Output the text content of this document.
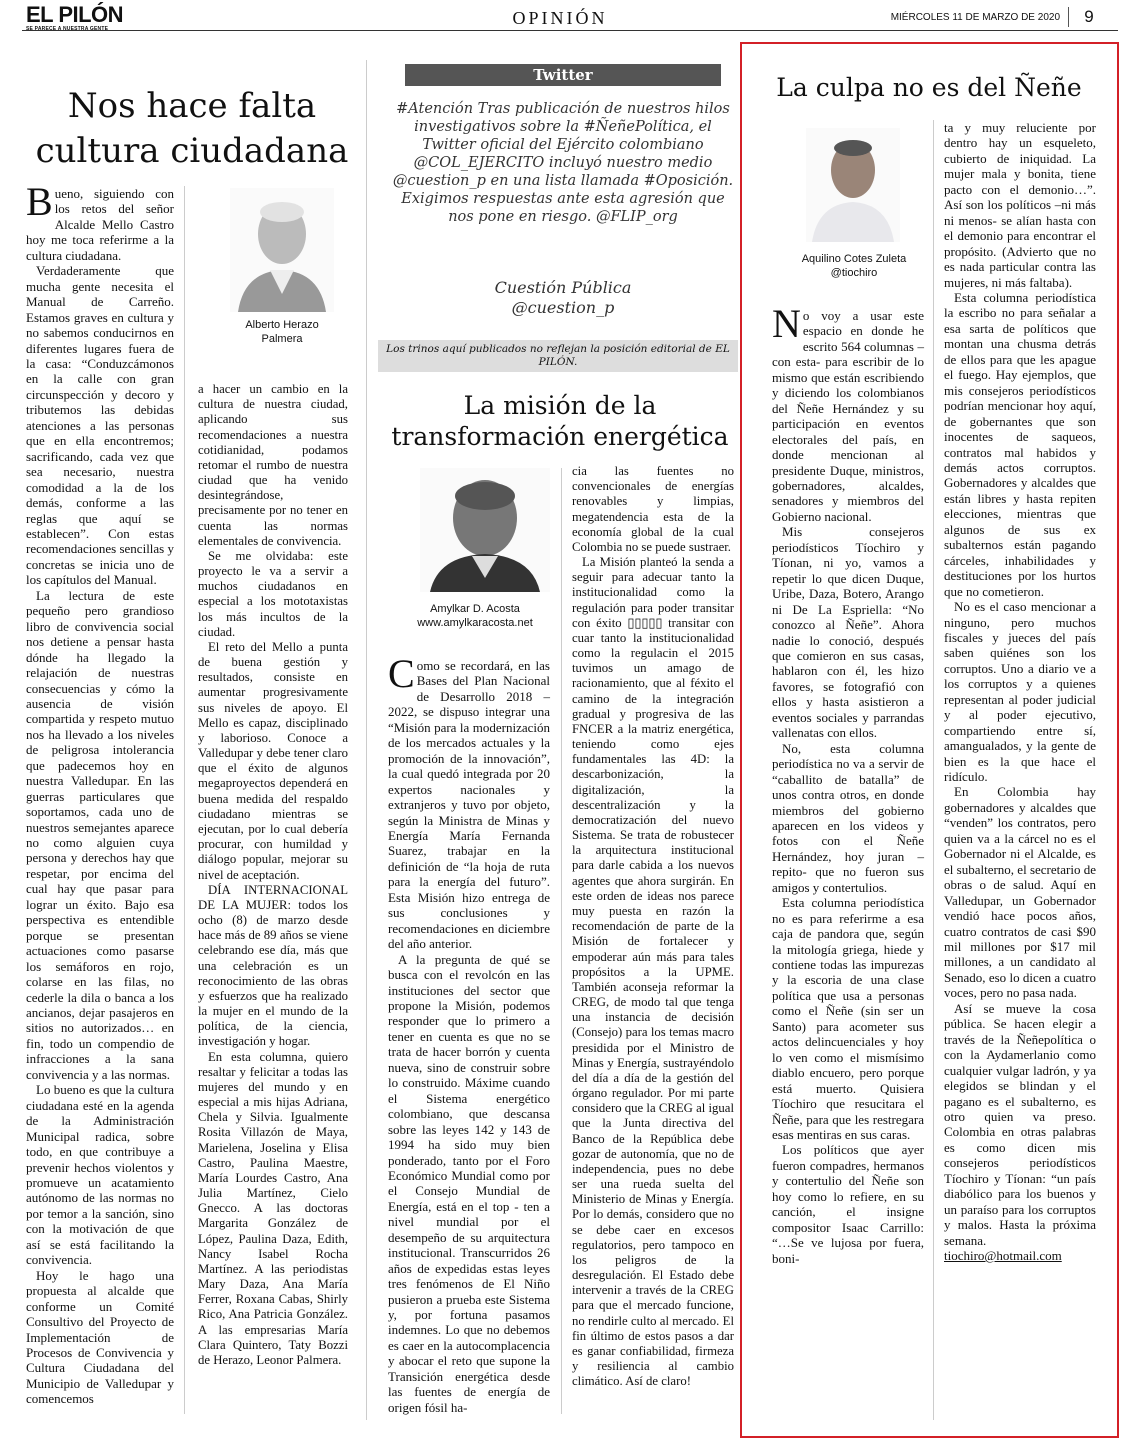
EL PILÓN
SE PARECE A NUESTRA GENTE
OPINIÓN	MIÉRCOLES 11 DE MARZO DE 2020	9
Nos hace falta cultura ciudadana
Alberto Herazo Palmera

Bueno, siguiendo con los retos del señor Alcalde Mello Castro hoy me toca referirme a la cultura ciudadana.

Verdaderamente que mucha gente necesita el Manual de Carreño. Estamos graves en cultura y no sabemos conducirnos en diferentes lugares fuera de la casa: “Conduzcámonos en la calle con gran circunspección y decoro y tributemos las debidas atenciones a las personas que en ella encontremos; sacrificando, cada vez que sea necesario, nuestra comodidad a la de los demás, conforme a las reglas que aquí se establecen”. Con estas recomendaciones sencillas y concretas se inicia uno de los capítulos del Manual.

La lectura de este pequeño pero grandioso libro de convivencia social nos detiene a pensar hasta dónde ha llegado la relajación de nuestras consecuencias y cómo la ausencia de visión compartida y respeto mutuo nos ha llevado a los niveles de peligrosa intolerancia que padecemos hoy en nuestra Valledupar. En las guerras particulares que soportamos, cada uno de nuestros semejantes aparece no como alguien cuya persona y derechos hay que respetar, por encima del cual hay que pasar para lograr un éxito. Bajo esa perspectiva es entendible porque se presentan actuaciones como pasarse los semáforos en rojo, colarse en las filas, no cederle la dila o banca a los ancianos, dejar pasajeros en sitios no autorizados… en fin, todo un compendio de infracciones a la sana convivencia y a las normas.

Lo bueno es que la cultura ciudadana esté en la agenda de la Administración Municipal radica, sobre todo, en que contribuye a prevenir hechos violentos y promueve un acatamiento autónomo de las normas no por temor a la sanción, sino con la motivación de que así se está facilitando la convivencia.

Hoy le hago una propuesta al alcalde que conforme un Comité Consultivo del Proyecto de Implementación de Procesos de Convivencia y Cultura Ciudadana del Municipio de Valledupar y comencemos

a hacer un cambio en la cultura de nuestra ciudad, aplicando sus recomendaciones a nuestra cotidianidad, podamos retomar el rumbo de nuestra ciudad que ha venido desintegrándose, precisamente por no tener en cuenta las normas elementales de convivencia.

Se me olvidaba: este proyecto le va a servir a muchos ciudadanos en especial a los mototaxistas los más incultos de la ciudad.

El reto del Mello a punta de buena gestión y resultados, consiste en aumentar progresivamente sus niveles de apoyo. El Mello es capaz, disciplinado y laborioso. Conoce a Valledupar y debe tener claro que el éxito de algunos megaproyectos dependerá en buena medida del respaldo ciudadano mientras se ejecutan, por lo cual debería procurar, con humildad y diálogo popular, mejorar su nivel de aceptación.

DÍA INTERNACIONAL DE LA MUJER: todos los ocho (8) de marzo desde hace más de 89 años se viene celebrando ese día, más que una celebración es un reconocimiento de las obras y esfuerzos que ha realizado la mujer en el mundo de la política, de la ciencia, investigación y hogar.

En esta columna, quiero resaltar y felicitar a todas las mujeres del mundo y en especial a mis hijas Adriana, Chela y Silvia. Igualmente Rosita Villazón de Maya, Marielena, Joselina y Elisa Castro, Paulina Maestre, María Lourdes Castro, Ana Julia Martínez, Cielo Gnecco. A las doctoras Margarita González de López, Paulina Daza, Edith, Nancy Isabel Rocha Martínez. A las periodistas Mary Daza, Ana María Ferrer, Roxana Cabas, Shirly Rico, Ana Patricia González. A las empresarias María Clara Quintero, Taty Bozzi de Herazo, Leonor Palmera.

Twitter
#Atención Tras publicación de nuestros hilos investigativos sobre la #ÑeñePolítica, el Twitter oficial del Ejército colombiano @COL_EJERCITO incluyó nuestro medio @cuestion_p en una lista llamada #Oposición. Exigimos respuestas ante esta agresión que nos pone en riesgo. @FLIP_org
Cuestión Pública
@cuestion_p
Los trinos aquí publicados no reflejan la posición editorial de EL PILÓN.
La misión de la transformación energética
Amylkar D. Acosta
www.amylkaracosta.net

Como se recordará, en las Bases del Plan Nacional de Desarrollo 2018 – 2022, se dispuso integrar una “Misión para la modernización de los mercados actuales y la promoción de la innovación”, la cual quedó integrada por 20 expertos nacionales y extranjeros y tuvo por objeto, según la Ministra de Minas y Energía María Fernanda Suarez, trabajar en la definición de “la hoja de ruta para la energía del futuro”. Esta Misión hizo entrega de sus conclusiones y recomendaciones en diciembre del año anterior.

A la pregunta de qué se busca con el revolcón en las instituciones del sector que propone la Misión, podemos responder que lo primero a tener en cuenta es que no se trata de hacer borrón y cuenta nueva, sino de construir sobre lo construido. Máxime cuando el Sistema energético colombiano, que descansa sobre las leyes 142 y 143 de 1994 ha sido muy bien ponderado, tanto por el Foro Económico Mundial como por el Consejo Mundial de Energía, está en el top - ten a nivel mundial por el desempeño de su arquitectura institucional. Transcurridos 26 años de expedidas estas leyes tres fenómenos de El Niño pusieron a prueba este Sistema y, por fortuna pasamos indemnes. Lo que no debemos es caer en la autocomplacencia y abocar el reto que supone la Transición energética desde las fuentes de energía de origen fósil ha-

cia las fuentes no convencionales de energías renovables y limpias, megatendencia esta de la economía global de la cual Colombia no se puede sustraer.

La Misión planteó la senda a seguir para adecuar tanto la institucionalidad como la regulación para poder transitar con éxito ▯▯▯▯▯ transitar con cuar tanto la institucionalidad como la regulacin el 2015 tuvimos un amago de racionamiento, que al féxito el camino de la integración gradual y progresiva de las FNCER a la matriz energética, teniendo como ejes fundamentales las 4D: la descarbonización, la digitalización, la descentralización y la democratización del nuevo Sistema. Se trata de robustecer la arquitectura institucional para darle cabida a los nuevos agentes que ahora surgirán. En este orden de ideas nos parece muy puesta en razón la recomendación de parte de la Misión de fortalecer y empoderar aún más para tales propósitos a la UPME. También aconseja reformar la CREG, de modo tal que tenga una instancia de decisión (Consejo) para los temas macro presidida por el Ministro de Minas y Energía, sustrayéndolo del día a día de la gestión del órgano regulador. Por mi parte considero que la CREG al igual que la Junta directiva del Banco de la República debe gozar de autonomía, que no de independencia, pues no debe ser una rueda suelta del Ministerio de Minas y Energía. Por lo demás, considero que no se debe caer en excesos regulatorios, pero tampoco en los peligros de la desregulación. El Estado debe intervenir a través de la CREG para que el mercado funcione, no rendirle culto al mercado. El fin último de estos pasos a dar es ganar confiabilidad, firmeza y resiliencia al cambio climático. Así de claro!

La culpa no es del Ñeñe
Aquilino Cotes Zuleta
@tiochiro

No voy a usar este espacio en donde he escrito 564 columnas –con esta- para escribir de lo mismo que están escribiendo y diciendo los colombianos del Ñeñe Hernández y su participación en eventos electorales del país, en donde mencionan al presidente Duque, ministros, gobernadores, alcaldes, senadores y miembros del Gobierno nacional.

Mis consejeros periodísticos Tíochiro y Tíonan, ni yo, vamos a repetir lo que dicen Duque, Uribe, Daza, Botero, Arango ni De La Espriella: “No conozco al Ñeñe”. Ahora nadie lo conoció, después que comieron en sus casas, hablaron con él, les hizo favores, se fotografió con ellos y hasta asistieron a eventos sociales y parrandas vallenatas con ellos.

No, esta columna periodística no va a servir de “caballito de batalla” de unos contra otros, en donde miembros del gobierno aparecen en los videos y fotos con el Ñeñe Hernández, hoy juran –repito- que no fueron sus amigos y contertulios.

Esta columna periodística no es para referirme a esa caja de pandora que, según la mitología griega, hiede y contiene todas las impurezas y la escoria de una clase política que usa a personas como el Ñeñe (sin ser un Santo) para acometer sus actos delincuenciales y hoy lo ven como el mismísimo diablo encuero, pero porque está muerto. Quisiera Tíochiro que resucitara el Ñeñe, para que les restregara esas mentiras en sus caras.

Los políticos que ayer fueron compadres, hermanos y contertulio del Ñeñe son hoy como lo refiere, en su canción, el insigne compositor Isaac Carrillo: “…Se ve lujosa por fuera, boni-

ta y muy reluciente por dentro hay un esqueleto, cubierto de iniquidad. La mujer mala y bonita, tiene pacto con el demonio…”. Así son los políticos –ni más ni menos- se alían hasta con el demonio para encontrar el propósito. (Advierto que no es nada particular contra las mujeres, ni más faltaba).

Esta columna periodística la escribo no para señalar a esa sarta de políticos que montan una chusma detrás de ellos para que les apague el fuego. Hay ejemplos, que mis consejeros periodísticos podrían mencionar hoy aquí, de gobernantes que son inocentes de saqueos, contratos mal habidos y demás actos corruptos. Gobernadores y alcaldes que están libres y hasta repiten elecciones, mientras que algunos de sus ex subalternos están pagando cárceles, inhabilidades y destituciones por los hurtos que no cometieron.

No es el caso mencionar a ninguno, pero muchos fiscales y jueces del país saben quiénes son los corruptos. Uno a diario ve a los corruptos y a quienes representan al poder judicial y al poder ejecutivo, compartiendo entre sí, amangualados, y la gente de bien es la que hace el ridículo.

En Colombia hay gobernadores y alcaldes que “venden” los contratos, pero quien va a la cárcel no es el Gobernador ni el Alcalde, es el subalterno, el secretario de obras o de salud. Aquí en Valledupar, un Gobernador vendió hace pocos años, cuatro contratos de casi $90 mil millones por $17 mil millones, a un candidato al Senado, eso lo dicen a cuatro voces, pero no pasa nada.

Así se mueve la cosa pública. Se hacen elegir a través de la Ñeñepolítica o con la Aydamerlanio como cualquier vulgar ladrón, y ya elegidos se blindan y el pagano es el subalterno, es otro quien va preso. Colombia en otras palabras es como dicen mis consejeros periodísticos Tíochiro y Tíonan: “un país diabólico para los buenos y un paraíso para los corruptos y malos. Hasta la próxima semana.

tiochiro@hotmail.com
